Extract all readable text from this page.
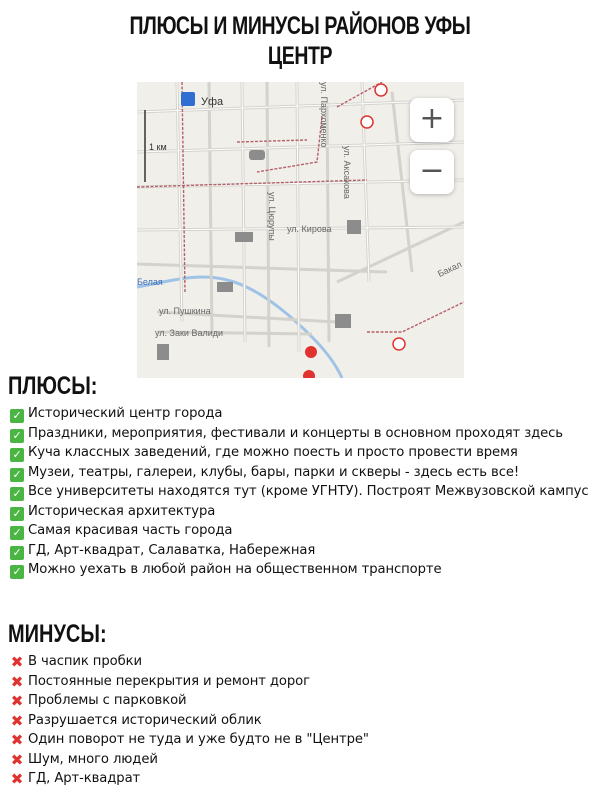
ПЛЮСЫ И МИНУСЫ РАЙОНОВ УФЫ
ЦЕНТР
Уфа
1 км
Белая
ул. Кирова
ул. Пушкина
ул. Заки Валиди
ул. Аксакова
ул. Пархоменко
ул. Цюрупы
Бакал
+
−
ПЛЮСЫ:
✓ Исторический центр города
✓ Праздники, мероприятия, фестивали и концерты в основном проходят здесь
✓ Куча классных заведений, где можно поесть и просто провести время
✓ Музеи, театры, галереи, клубы, бары, парки и скверы - здесь есть все!
✓ Все университеты находятся тут (кроме УГНТУ). Построят Межвузовской кампус
✓ Историческая архитектура
✓ Самая красивая часть города
✓ ГД, Арт-квадрат, Салаватка, Набережная
✓ Можно уехать в любой район на общественном транспорте
МИНУСЫ:
✖ В часпик пробки
✖ Постоянные перекрытия и ремонт дорог
✖ Проблемы с парковкой
✖ Разрушается исторический облик
✖ Один поворот не туда и уже будто не в "Центре"
✖ Шум, много людей
✖ ГД, Арт-квадрат
